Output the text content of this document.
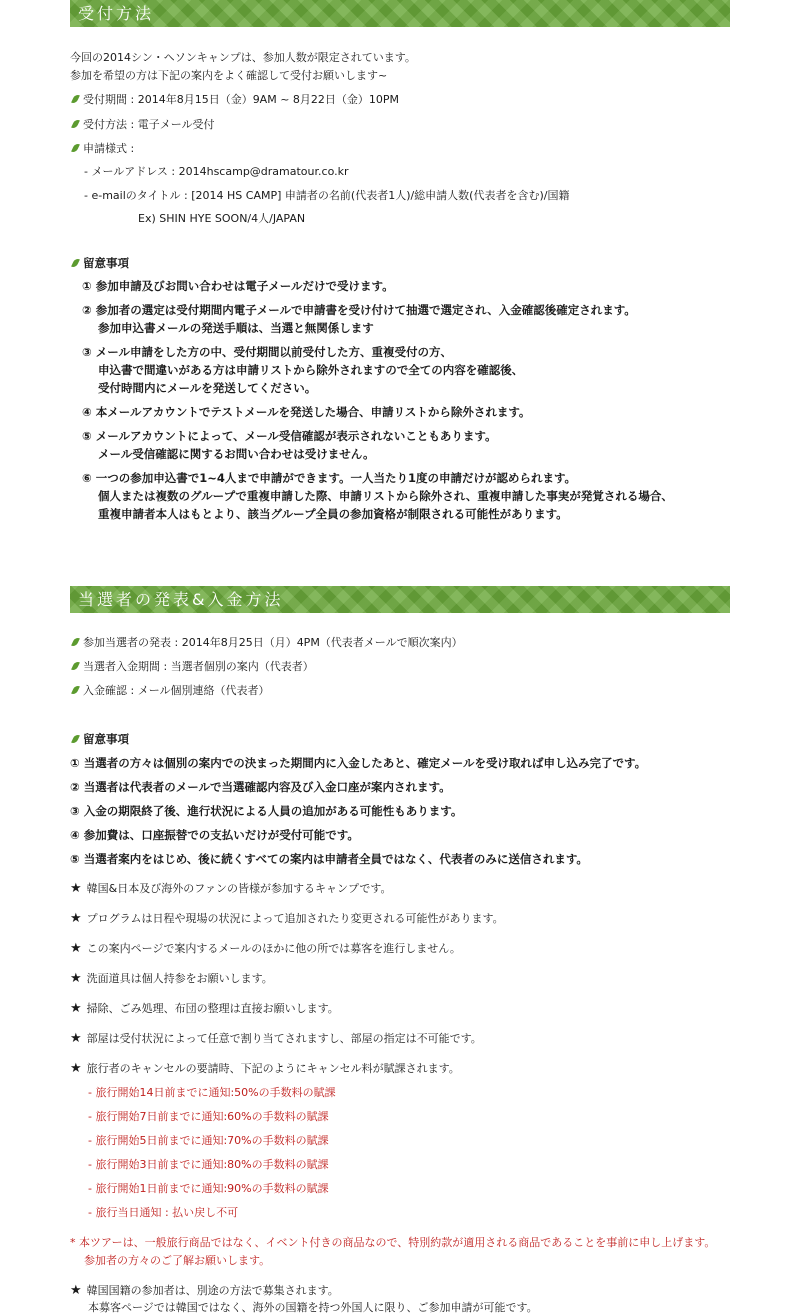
受付方法
今回の2014シン・ヘソンキャンプは、参加人数が限定されています。
参加を希望の方は下記の案内をよく確認して受付お願いします~
受付期間 : 2014年8月15日（金）9AM ~ 8月22日（金）10PM
受付方法 : 電子メール受付
申請様式 :
- メールアドレス : 2014hscamp@dramatour.co.kr
- e-mailのタイトル : [2014 HS CAMP] 申請者の名前(代表者1人)/総申請人数(代表者を含む)/国籍
Ex) SHIN HYE SOON/4人/JAPAN
留意事項
① 参加申請及びお問い合わせは電子メールだけで受けます。
② 参加者の選定は受付期間内電子メールで申請書を受け付けて抽選で選定され、入金確認後確定されます。
参加申込書メールの発送手順は、当選と無関係します
③ メール申請をした方の中、受付期間以前受付した方、重複受付の方、
申込書で間違いがある方は申請リストから除外されますので全ての内容を確認後、
受付時間内にメールを発送してください。
④ 本メールアカウントでテストメールを発送した場合、申請リストから除外されます。
⑤ メールアカウントによって、メール受信確認が表示されないこともあります。
メール受信確認に関するお問い合わせは受けません。
⑥ 一つの参加申込書で1~4人まで申請ができます。一人当たり1度の申請だけが認められます。
個人または複数のグループで重複申請した際、申請リストから除外され、重複申請した事実が発覚される場合、
重複申請者本人はもとより、該当グループ全員の参加資格が制限される可能性があります。
当選者の発表&入金方法
参加当選者の発表 : 2014年8月25日（月）4PM（代表者メールで順次案内）
当選者入金期間 : 当選者個別の案内（代表者）
入金確認 : メール個別連絡（代表者）
留意事項
① 当選者の方々は個別の案内での決まった期間内に入金したあと、確定メールを受け取れば申し込み完了です。
② 当選者は代表者のメールで当選確認内容及び入金口座が案内されます。
③ 入金の期限終了後、進行状況による人員の追加がある可能性もあります。
④ 参加費は、口座振替での支払いだけが受付可能です。
⑤ 当選者案内をはじめ、後に続くすべての案内は申請者全員ではなく、代表者のみに送信されます。
★ 韓国&日本及び海外のファンの皆様が参加するキャンプです。
★ プログラムは日程や現場の状況によって追加されたり変更される可能性があります。
★ この案内ページで案内するメールのほかに他の所では募客を進行しません。
★ 洗面道具は個人持参をお願いします。
★ 掃除、ごみ処理、布団の整理は直接お願いします。
★ 部屋は受付状況によって任意で割り当てされますし、部屋の指定は不可能です。
★ 旅行者のキャンセルの要請時、下記のようにキャンセル料が賦課されます。
- 旅行開始14日前までに通知:50%の手数料の賦課
- 旅行開始7日前までに通知:60%の手数料の賦課
- 旅行開始5日前までに通知:70%の手数料の賦課
- 旅行開始3日前までに通知:80%の手数料の賦課
- 旅行開始1日前までに通知:90%の手数料の賦課
- 旅行当日通知 : 払い戻し不可
* 本ツアーは、一般旅行商品ではなく、イベント付きの商品なので、特別約款が適用される商品であることを事前に申し上げます。
参加者の方々のご了解お願いします。
★ 韓国国籍の参加者は、別途の方法で募集されます。
本募客ページでは韓国ではなく、海外の国籍を持つ外国人に限り、ご参加申請が可能です。
